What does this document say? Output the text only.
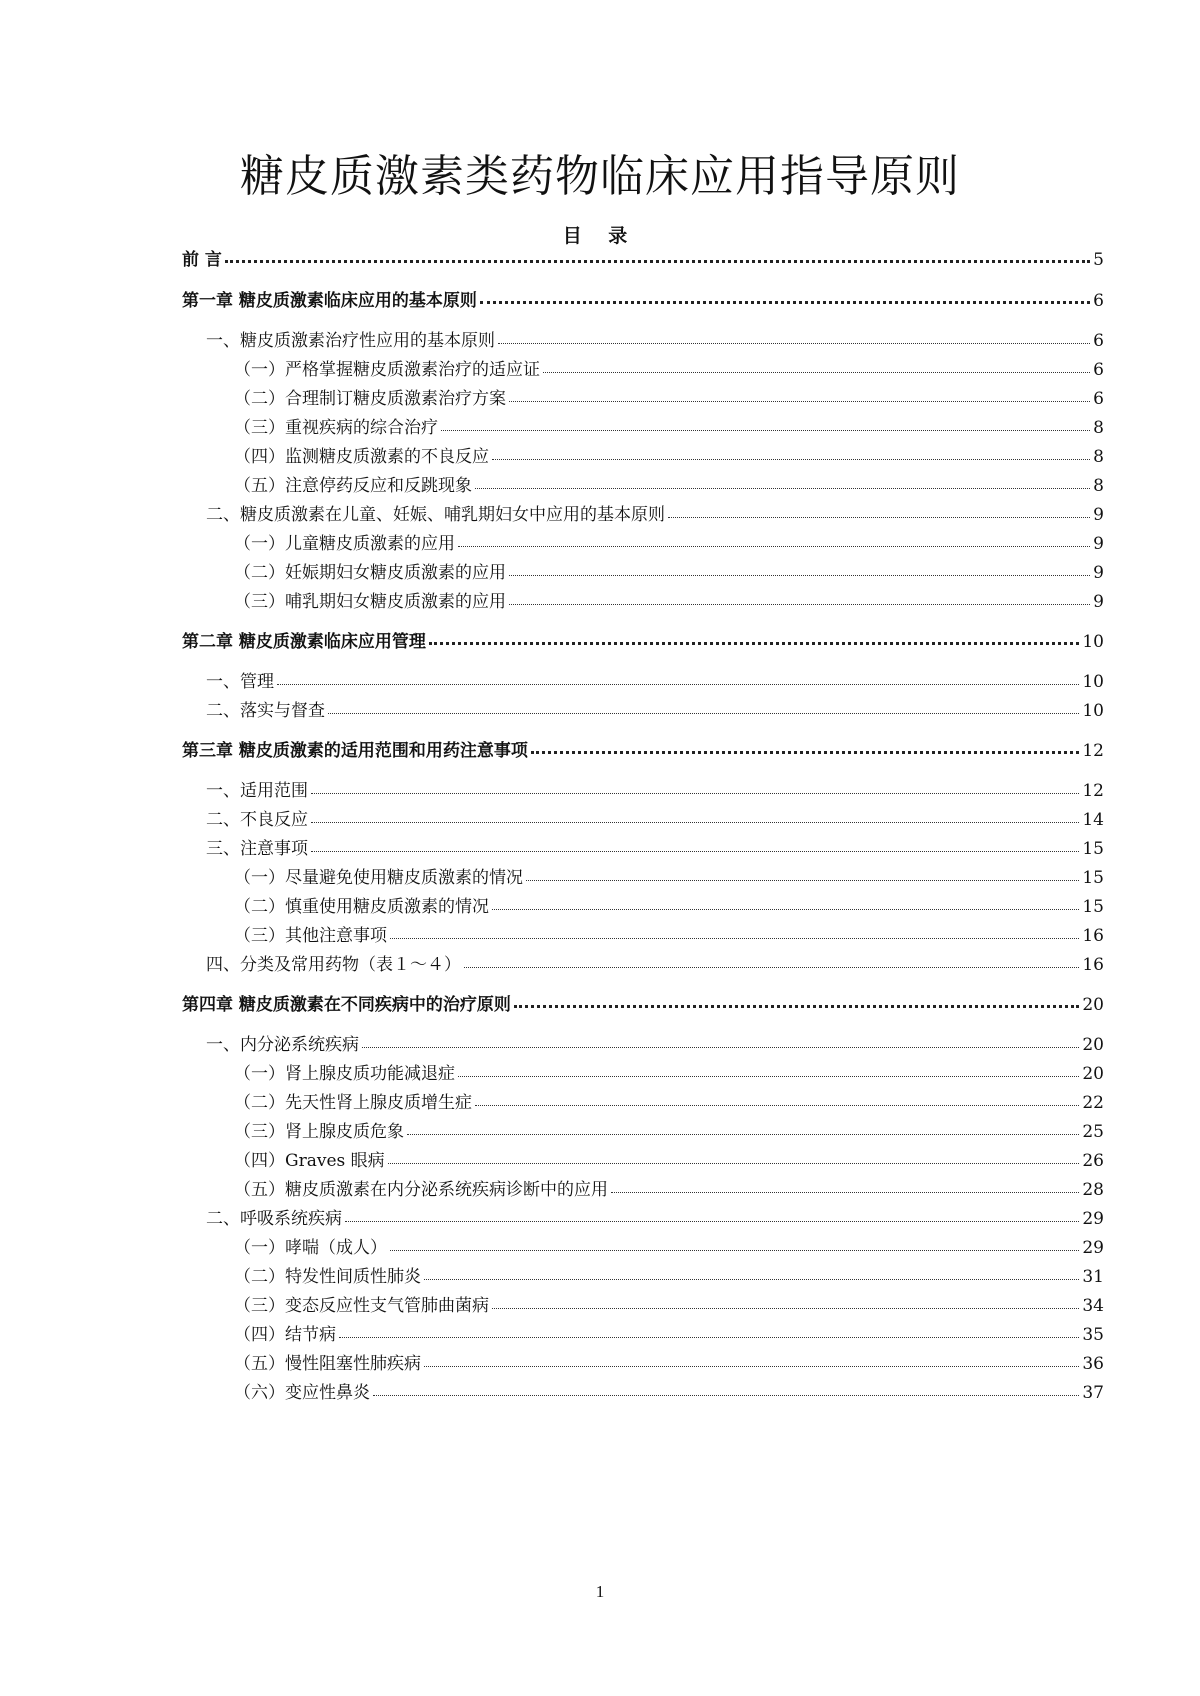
糖皮质激素类药物临床应用指导原则
目 录
前 言	5
第一章 糖皮质激素临床应用的基本原则	6
一、糖皮质激素治疗性应用的基本原则	6
（一）严格掌握糖皮质激素治疗的适应证	6
（二）合理制订糖皮质激素治疗方案	6
（三）重视疾病的综合治疗	8
（四）监测糖皮质激素的不良反应	8
（五）注意停药反应和反跳现象	8
二、糖皮质激素在儿童、妊娠、哺乳期妇女中应用的基本原则	9
（一）儿童糖皮质激素的应用	9
（二）妊娠期妇女糖皮质激素的应用	9
（三）哺乳期妇女糖皮质激素的应用	9
第二章 糖皮质激素临床应用管理	10
一、管理	10
二、落实与督查	10
第三章 糖皮质激素的适用范围和用药注意事项	12
一、适用范围	12
二、不良反应	14
三、注意事项	15
（一）尽量避免使用糖皮质激素的情况	15
（二）慎重使用糖皮质激素的情况	15
（三）其他注意事项	16
四、分类及常用药物（表１～４）	16
第四章 糖皮质激素在不同疾病中的治疗原则	20
一、内分泌系统疾病	20
（一）肾上腺皮质功能减退症	20
（二）先天性肾上腺皮质增生症	22
（三）肾上腺皮质危象	25
（四）Graves 眼病	26
（五）糖皮质激素在内分泌系统疾病诊断中的应用	28
二、呼吸系统疾病	29
（一）哮喘（成人）	29
（二）特发性间质性肺炎	31
（三）变态反应性支气管肺曲菌病	34
（四）结节病	35
（五）慢性阻塞性肺疾病	36
（六）变应性鼻炎	37
1
